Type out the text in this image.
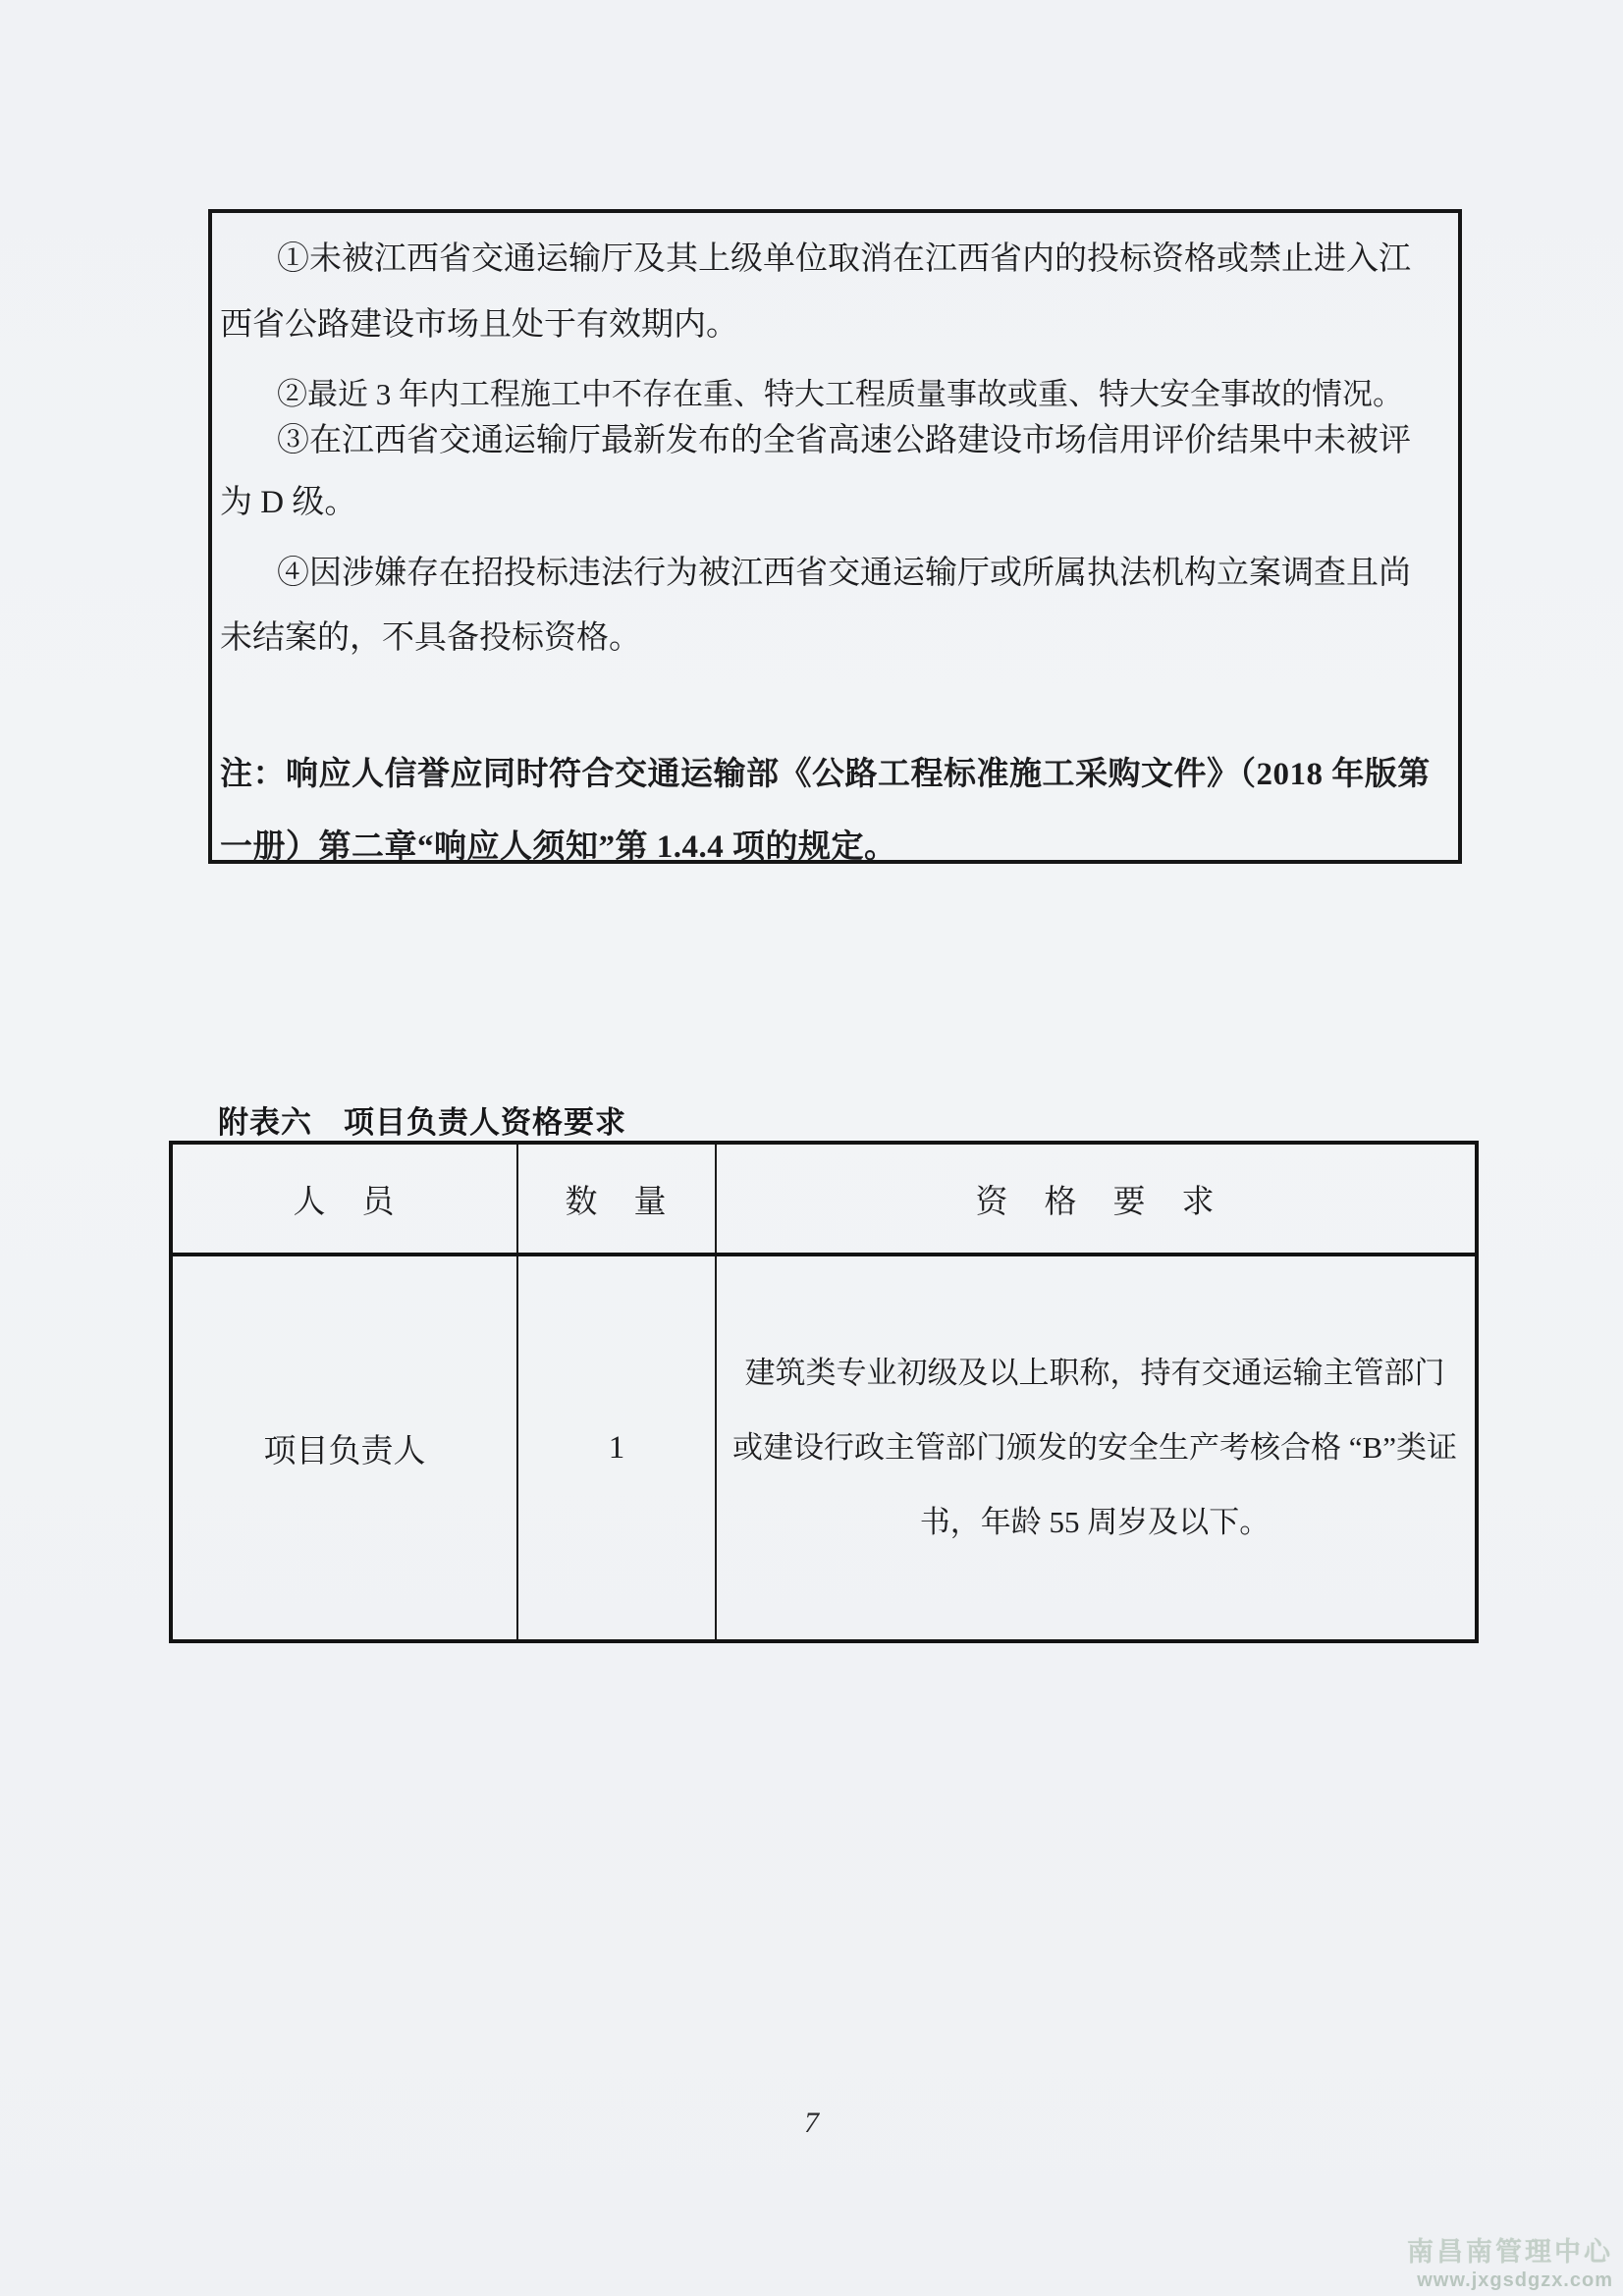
①未被江西省交通运输厅及其上级单位取消在江西省内的投标资格或禁止进入江
西省公路建设市场且处于有效期内。
②最近 3 年内工程施工中不存在重、特大工程质量事故或重、特大安全事故的情况。
③在江西省交通运输厅最新发布的全省高速公路建设市场信用评价结果中未被评
为 D 级。
④因涉嫌存在招投标违法行为被江西省交通运输厅或所属执法机构立案调查且尚
未结案的，不具备投标资格。
注：响应人信誉应同时符合交通运输部《公路工程标准施工采购文件》（2018 年版第
一册）第二章“响应人须知”第 1.4.4 项的规定。
附表六　项目负责人资格要求
人　员	数　量	资　格　要　求
项目负责人	1	建筑类专业初级及以上职称，持有交通运输主管部门或建设行政主管部门颁发的安全生产考核合格 “B”类证书，年龄 55 周岁及以下。
7
南昌南管理中心
www.jxgsdgzx.com
